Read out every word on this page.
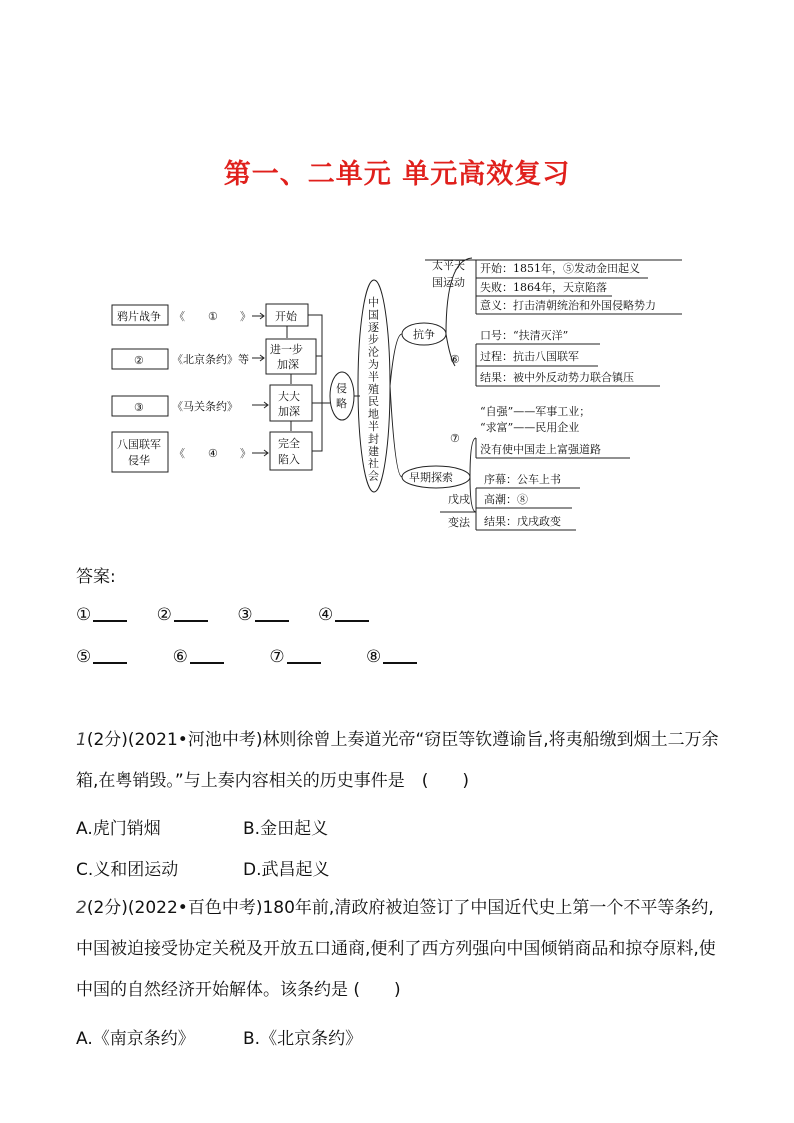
第一、二单元 单元高效复习
鸦片战争
②
③
八国联军
侵华
《 ① 》
《北京条约》等
《马关条约》
《 ④ 》
开始
进一步
加深
大大
加深
完全
陷入
侵
略
中
国
逐
步
沦
为
半
殖
民
地
半
封
建
社
会
抗争
早期探索
太平天
国运动
开始：1851年，⑤发动金田起义
失败：1864年，天京陷落
意义：打击清朝统治和外国侵略势力
⑥
口号：“扶清灭洋”
过程：抗击八国联军
结果：被中外反动势力联合镇压
⑦
“自强”——军事工业；
“求富”——民用企业
没有使中国走上富强道路
戊戌
变法
序幕：公车上书
高潮：⑧
结果：戊戌政变
答案:
①	②	③	④
⑤	⑥	⑦	⑧
1(2分)(2021•河池中考)林则徐曾上奏道光帝“窃臣等钦遵谕旨,将夷船缴到烟土二万余箱,在粤销毁。”与上奏内容相关的历史事件是　(　　)
A.虎门销烟	B.金田起义
C.义和团运动	D.武昌起义
2(2分)(2022•百色中考)180年前,清政府被迫签订了中国近代史上第一个不平等条约,中国被迫接受协定关税及开放五口通商,便利了西方列强向中国倾销商品和掠夺原料,使中国的自然经济开始解体。该条约是 (　　)
A.《南京条约》	B.《北京条约》
